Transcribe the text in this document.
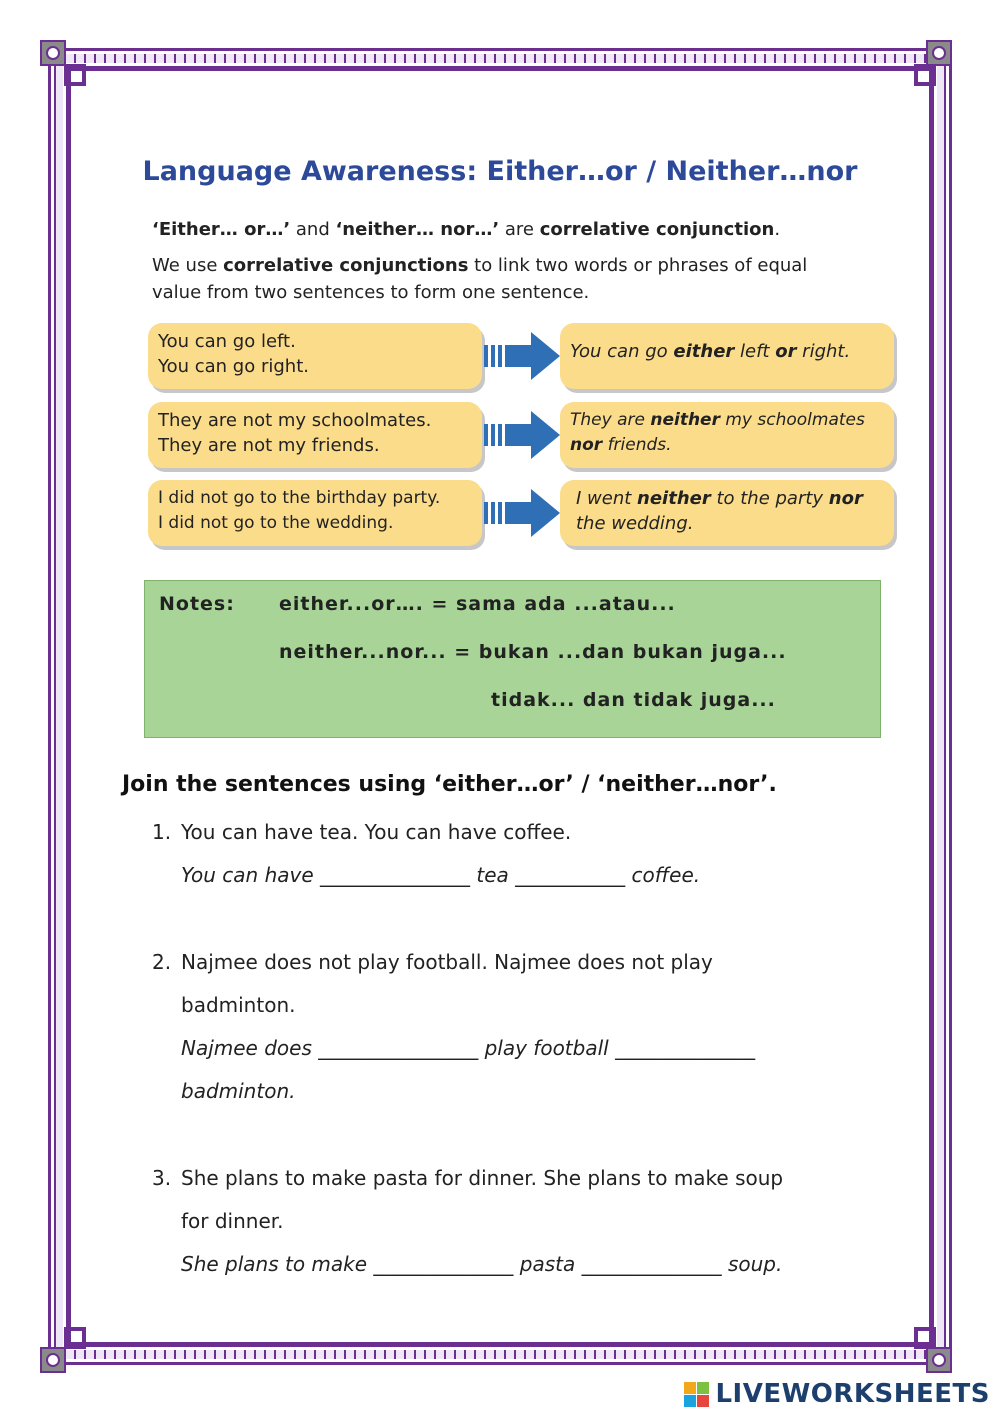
Language Awareness: Either…or / Neither…nor
‘Either… or…’ and ‘neither… nor…’ are correlative conjunction.
We use correlative conjunctions to link two words or phrases of equal
value from two sentences to form one sentence.
You can go left.
You can go right.
You can go either left or right.
They are not my schoolmates.
They are not my friends.
They are neither my schoolmates
nor friends.
I did not go to the birthday party.
I did not go to the wedding.
I went neither to the party nor
the wedding.
Notes: either...or…. = sama ada ...atau...
neither...nor... = bukan ...dan bukan juga...
tidak... dan tidak juga...
Join the sentences using ‘either…or’ / ‘neither…nor’.
1. You can have tea. You can have coffee.
You can have _______________ tea ___________ coffee.
2. Najmee does not play football. Najmee does not play
badminton.
Najmee does ________________ play football ______________
badminton.
3. She plans to make pasta for dinner. She plans to make soup
for dinner.
She plans to make ______________ pasta ______________ soup.
LIVEWORKSHEETS
